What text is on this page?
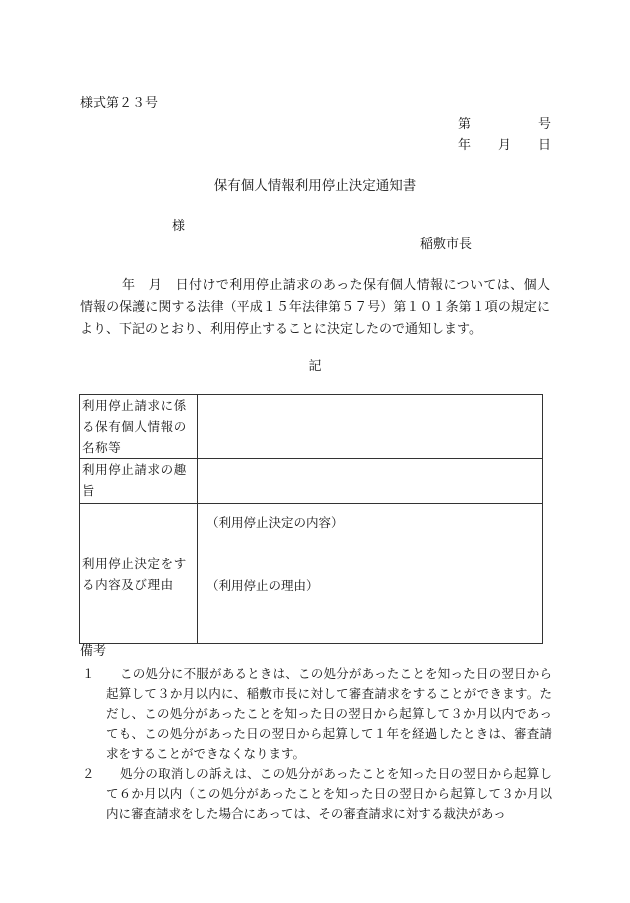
様式第２３号
第	号
年 月 日
保有個人情報利用停止決定通知書
様
稲敷市長

年　月　日付けで利用停止請求のあった保有個人情報については、個人情報の保護に関する法律（平成１５年法律第５７号）第１０１条第１項の規定により、下記のとおり、利用停止することに決定したので通知します。

記
利用停止請求に係る保有個人情報の名称等	
利用停止請求の趣旨	
利用停止決定をする内容及び理由	（利用停止決定の内容）
（利用停止の理由）
備考
１	この処分に不服があるときは、この処分があったことを知った日の翌日から起算して３か月以内に、稲敷市長に対して審査請求をすることができます。ただし、この処分があったことを知った日の翌日から起算して３か月以内であっても、この処分があった日の翌日から起算して１年を経過したときは、審査請求をすることができなくなります。

２	処分の取消しの訴えは、この処分があったことを知った日の翌日から起算して６か月以内（この処分があったことを知った日の翌日から起算して３か月以内に審査請求をした場合にあっては、その審査請求に対する裁決があっ
